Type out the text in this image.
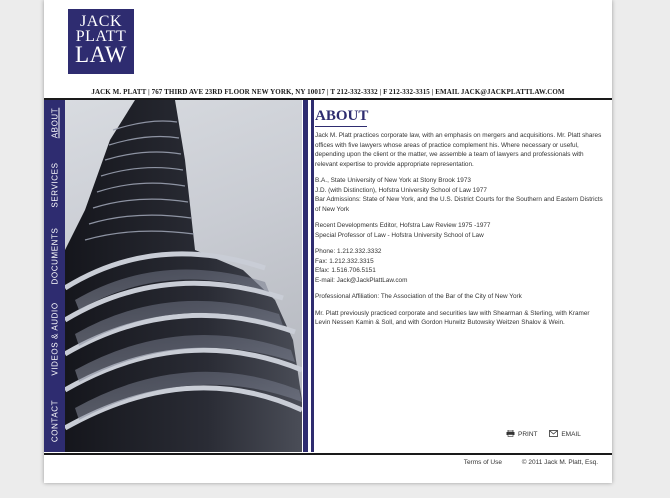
JACK
PLATT
LAW
JACK M. PLATT | 767 THIRD AVE 23RD FLOOR NEW YORK, NY 10017 | T 212-332-3332 | F 212-332-3315 | EMAIL JACK@JACKPLATTLAW.COM
ABOUT
SERVICES
DOCUMENTS
VIDEOS & AUDIO
CONTACT
ABOUT

Jack M. Platt practices corporate law, with an emphasis on mergers and acquisitions. Mr. Platt shares offices with five lawyers whose areas of practice complement his. Where necessary or useful, depending upon the client or the matter, we assemble a team of lawyers and professionals with relevant expertise to provide appropriate representation.

B.A., State University of New York at Stony Brook 1973
J.D. (with Distinction), Hofstra University School of Law 1977
Bar Admissions: State of New York, and the U.S. District Courts for the Southern and Eastern Districts of New York

Recent Developments Editor, Hofstra Law Review 1975 -1977
Special Professor of Law - Hofstra University School of Law

Phone: 1.212.332.3332
Fax: 1.212.332.3315
Efax: 1.516.706.5151
E-mail: Jack@JackPlattLaw.com

Professional Affiliation: The Association of the Bar of the City of New York

Mr. Platt previously practiced corporate and securities law with Shearman & Sterling, with Kramer Levin Nessen Kamin & Soll, and with Gordon Hurwitz Butowsky Weitzen Shalov & Wein.

PRINT	EMAIL
Terms of Use	© 2011 Jack M. Platt, Esq.
